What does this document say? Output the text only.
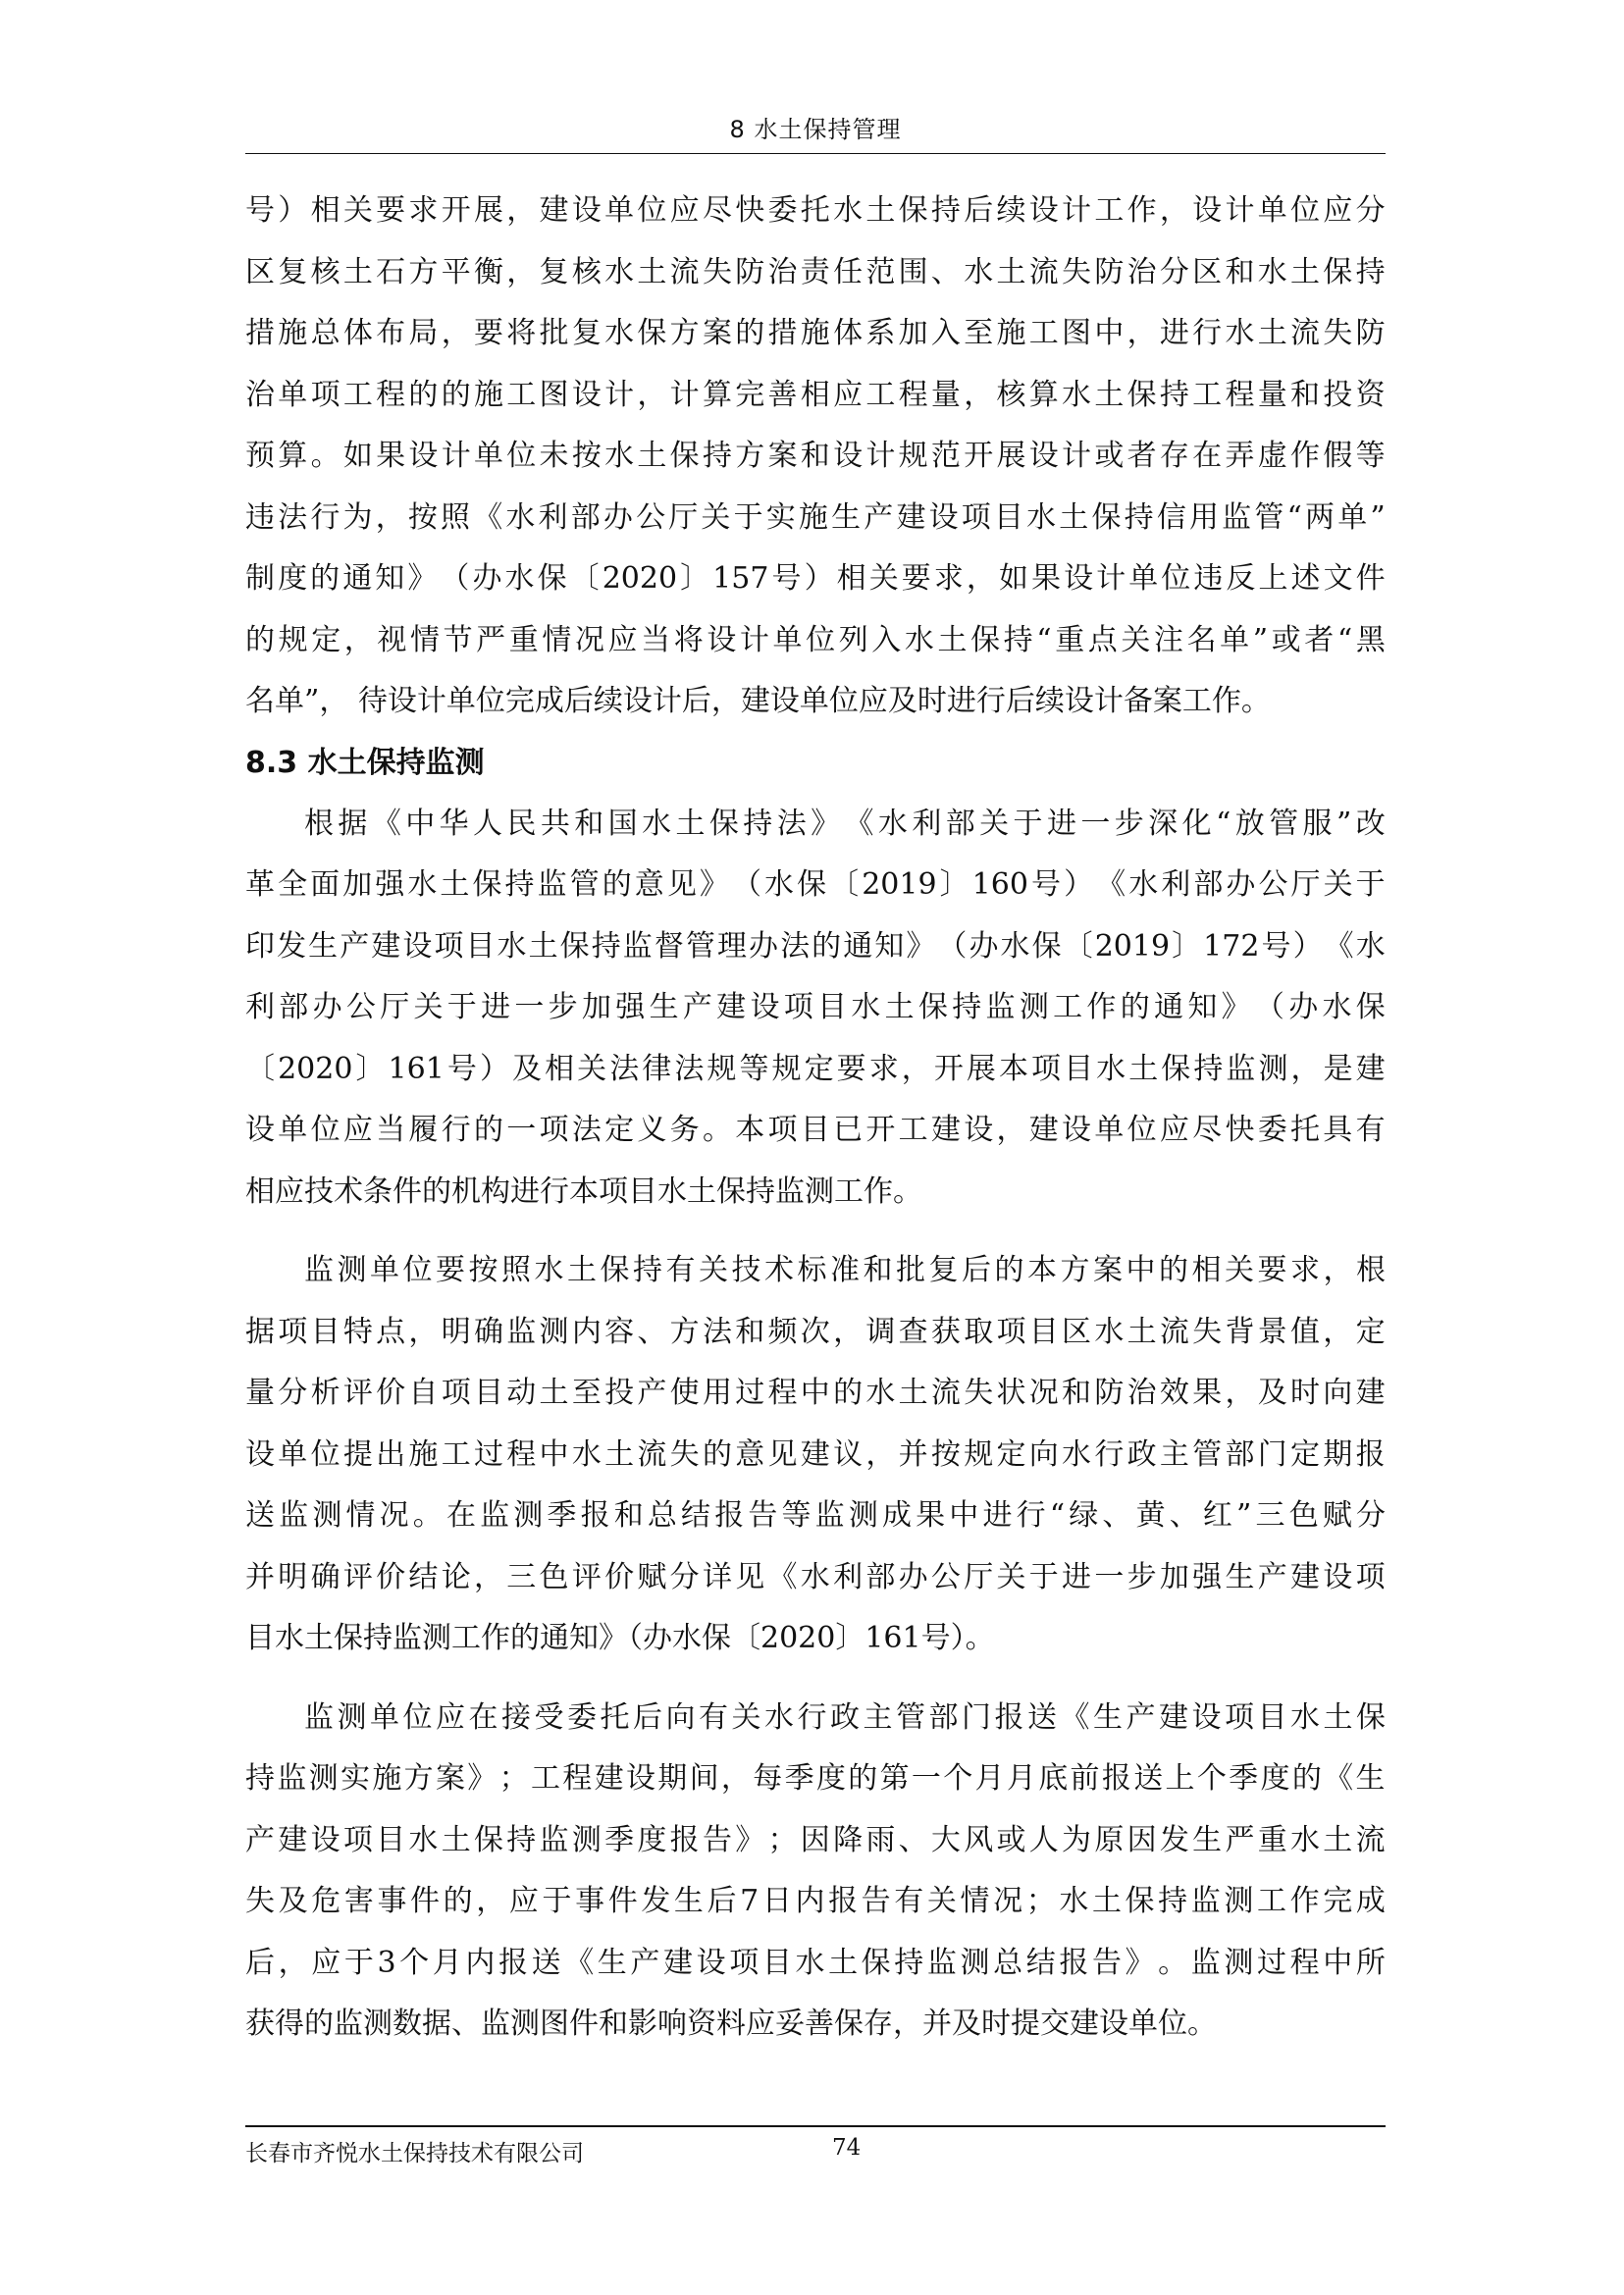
8 水土保持管理
号 ） 相 关 要 求 开 展 ， 建 设 单 位 应 尽 快 委 托 水 土 保 持 后 续 设 计 工 作 ， 设 计 单 位 应 分
区 复 核 土 石 方 平 衡 ， 复 核 水 土 流 失 防 治 责 任 范 围 、 水 土 流 失 防 治 分 区 和 水 土 保 持
措 施 总 体 布 局 ， 要 将 批 复 水 保 方 案 的 措 施 体 系 加 入 至 施 工 图 中 ， 进 行 水 土 流 失 防
治 单 项 工 程 的 的 施 工 图 设 计 ， 计 算 完 善 相 应 工 程 量 ， 核 算 水 土 保 持 工 程 量 和 投 资
预 算 。 如 果 设 计 单 位 未 按 水 土 保 持 方 案 和 设 计 规 范 开 展 设 计 或 者 存 在 弄 虚 作 假 等
违 法 行 为 ， 按 照 《 水 利 部 办 公 厅 关 于 实 施 生 产 建 设 项 目 水 土 保 持 信 用 监 管 “ 两 单 ”
制 度 的 通 知 》 （ 办 水 保 〔 2020 〕 157 号 ） 相 关 要 求 ， 如 果 设 计 单 位 违 反 上 述 文 件
的 规 定 ， 视 情 节 严 重 情 况 应 当 将 设 计 单 位 列 入 水 土 保 持 “ 重 点 关 注 名 单 ” 或 者 “ 黑
名单”， 待设计单位完成后续设计后，建设单位应及时进行后续设计备案工作。
8.3 水土保持监测
根 据 《 中 华 人 民 共 和 国 水 土 保 持 法 》 《 水 利 部 关 于 进 一 步 深 化 “ 放 管 服 ” 改
革 全 面 加 强 水 土 保 持 监 管 的 意 见 》 （ 水 保 〔 2019 〕 160 号 ） 《 水 利 部 办 公 厅 关 于
印 发 生 产 建 设 项 目 水 土 保 持 监 督 管 理 办 法 的 通 知 》 （ 办 水 保 〔 2019 〕 172 号 ） 《 水
利 部 办 公 厅 关 于 进 一 步 加 强 生 产 建 设 项 目 水 土 保 持 监 测 工 作 的 通 知 》 （ 办 水 保
〔 2020 〕 161 号 ） 及 相 关 法 律 法 规 等 规 定 要 求 ， 开 展 本 项 目 水 土 保 持 监 测 ， 是 建
设 单 位 应 当 履 行 的 一 项 法 定 义 务 。 本 项 目 已 开 工 建 设 ， 建 设 单 位 应 尽 快 委 托 具 有
相应技术条件的机构进行本项目水土保持监测工作。
监 测 单 位 要 按 照 水 土 保 持 有 关 技 术 标 准 和 批 复 后 的 本 方 案 中 的 相 关 要 求 ， 根
据 项 目 特 点 ， 明 确 监 测 内 容 、 方 法 和 频 次 ， 调 查 获 取 项 目 区 水 土 流 失 背 景 值 ， 定
量 分 析 评 价 自 项 目 动 土 至 投 产 使 用 过 程 中 的 水 土 流 失 状 况 和 防 治 效 果 ， 及 时 向 建
设 单 位 提 出 施 工 过 程 中 水 土 流 失 的 意 见 建 议 ， 并 按 规 定 向 水 行 政 主 管 部 门 定 期 报
送 监 测 情 况 。 在 监 测 季 报 和 总 结 报 告 等 监 测 成 果 中 进 行 “ 绿 、 黄 、 红 ” 三 色 赋 分
并 明 确 评 价 结 论 ， 三 色 评 价 赋 分 详 见 《 水 利 部 办 公 厅 关 于 进 一 步 加 强 生 产 建 设 项
目水土保持监测工作的通知》（办水保〔2020〕161号）。
监 测 单 位 应 在 接 受 委 托 后 向 有 关 水 行 政 主 管 部 门 报 送 《 生 产 建 设 项 目 水 土 保
持 监 测 实 施 方 案 》 ； 工 程 建 设 期 间 ， 每 季 度 的 第 一 个 月 月 底 前 报 送 上 个 季 度 的 《 生
产 建 设 项 目 水 土 保 持 监 测 季 度 报 告 》 ； 因 降 雨 、 大 风 或 人 为 原 因 发 生 严 重 水 土 流
失 及 危 害 事 件 的 ， 应 于 事 件 发 生 后 7 日 内 报 告 有 关 情 况 ； 水 土 保 持 监 测 工 作 完 成
后 ， 应 于 3 个 月 内 报 送 《 生 产 建 设 项 目 水 土 保 持 监 测 总 结 报 告 》 。 监 测 过 程 中 所
获得的监测数据、监测图件和影响资料应妥善保存，并及时提交建设单位。
长春市齐悦水土保持技术有限公司	74
